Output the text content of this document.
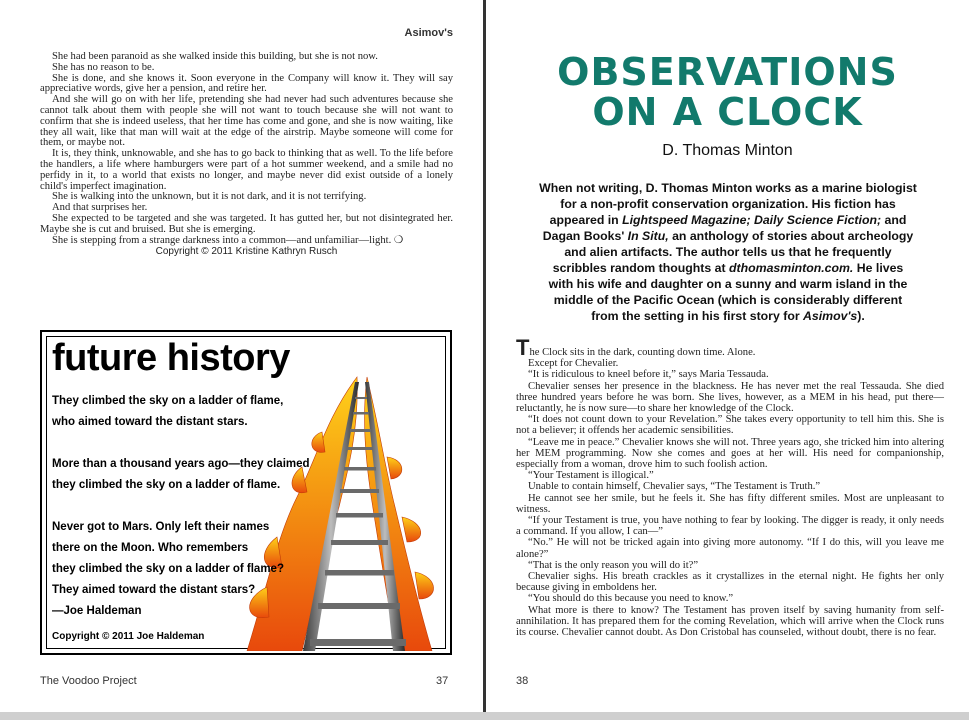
Asimov's

She had been paranoid as she walked inside this building, but she is not now.

She has no reason to be.

She is done, and she knows it. Soon everyone in the Company will know it. They will say appreciative words, give her a pension, and retire her.

And she will go on with her life, pretending she had never had such adventures because she cannot talk about them with people she will not want to touch because she will not want to confirm that she is indeed useless, that her time has come and gone, and she is now waiting, like they all wait, like that man will wait at the edge of the airstrip. Maybe someone will come for them, or maybe not.

It is, they think, unknowable, and she has to go back to thinking that as well. To the life before the handlers, a life where hamburgers were part of a hot summer weekend, and a smile had no perfidy in it, to a world that exists no longer, and maybe never did exist outside of a lonely child's imperfect imagination.

She is walking into the unknown, but it is not dark, and it is not terrifying.

And that surprises her.

She expected to be targeted and she was targeted. It has gutted her, but not disintegrated her. Maybe she is cut and bruised. But she is emerging.

She is stepping from a strange darkness into a common—and unfamiliar—light. ❍

Copyright © 2011 Kristine Kathryn Rusch
future history
They climbed the sky on a ladder of flame,
who aimed toward the distant stars.
More than a thousand years ago—they claimed
they climbed the sky on a ladder of flame.
Never got to Mars. Only left their names
there on the Moon. Who remembers
they climbed the sky on a ladder of flame?
They aimed toward the distant stars?
—Joe Haldeman
Copyright © 2011 Joe Haldeman
The Voodoo Project	37
OBSERVATIONS
ON A CLOCK
D. Thomas Minton
When not writing, D. Thomas Minton works as a marine biologist for a non-profit conservation organization. His fiction has appeared in Lightspeed Magazine; Daily Science Fiction; and Dagan Books' In Situ, an anthology of stories about archeology and alien artifacts. The author tells us that he frequently scribbles random thoughts at dthomasminton.com. He lives with his wife and daughter on a sunny and warm island in the middle of the Pacific Ocean (which is considerably different from the setting in his first story for Asimov's).

The Clock sits in the dark, counting down time. Alone.

Except for Chevalier.

“It is ridiculous to kneel before it,” says Maria Tessauda.

Chevalier senses her presence in the blackness. He has never met the real Tessauda. She died three hundred years before he was born. She lives, however, as a MEM in his head, put there—reluctantly, he is now sure—to share her knowledge of the Clock.

“It does not count down to your Revelation.” She takes every opportunity to tell him this. She is not a believer; it offends her academic sensibilities.

“Leave me in peace.” Chevalier knows she will not. Three years ago, she tricked him into altering her MEM programming. Now she comes and goes at her will. His need for companionship, especially from a woman, drove him to such foolish action.

“Your Testament is illogical.”

Unable to contain himself, Chevalier says, “The Testament is Truth.”

He cannot see her smile, but he feels it. She has fifty different smiles. Most are unpleasant to witness.

“If your Testament is true, you have nothing to fear by looking. The digger is ready, it only needs a command. If you allow, I can—”

“No.” He will not be tricked again into giving more autonomy. “If I do this, will you leave me alone?”

“That is the only reason you will do it?”

Chevalier sighs. His breath crackles as it crystallizes in the eternal night. He fights her only because giving in emboldens her.

“You should do this because you need to know.”

What more is there to know? The Testament has proven itself by saving humanity from self-annihilation. It has prepared them for the coming Revelation, which will arrive when the Clock runs its course. Chevalier cannot doubt. As Don Cristobal has counseled, without doubt, there is no fear.

38
